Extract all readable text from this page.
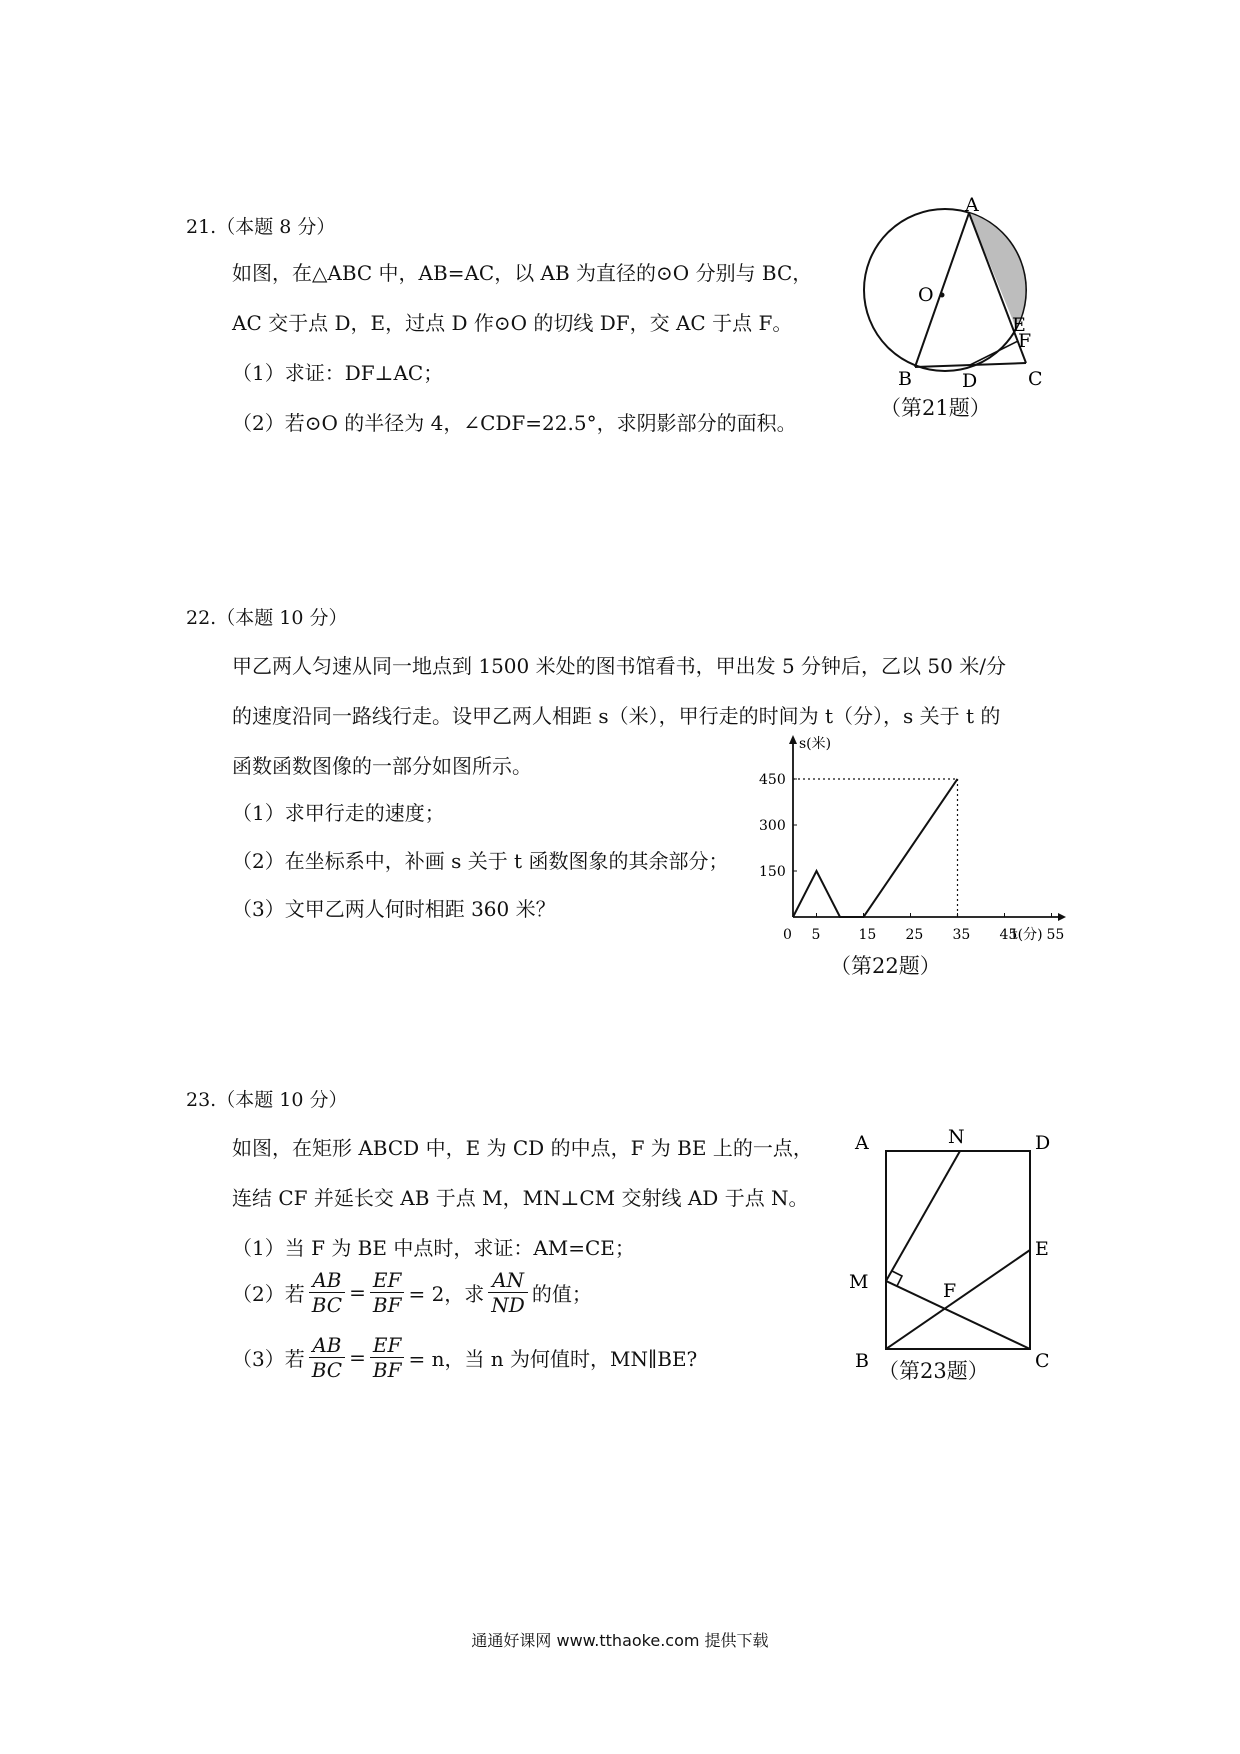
21.（本题 8 分）
如图，在△ABC 中，AB=AC，以 AB 为直径的⊙O 分别与 BC，
AC 交于点 D，E，过点 D 作⊙O 的切线 DF，交 AC 于点 F。
（1）求证：DF⊥AC；
（2）若⊙O 的半径为 4，∠CDF=22.5°，求阴影部分的面积。
A
O
E
F
B	D	C
（第21题）
22.（本题 10 分）
甲乙两人匀速从同一地点到 1500 米处的图书馆看书，甲出发 5 分钟后，乙以 50 米/分
的速度沿同一路线行走。设甲乙两人相距 s（米），甲行走的时间为 t（分），s 关于 t 的
函数函数图像的一部分如图所示。
（1）求甲行走的速度；
（2）在坐标系中，补画 s 关于 t 函数图象的其余部分；
（3）文甲乙两人何时相距 360 米？
s(米)
t(分)
0 5	15 25 35 45 55
150
300
450
（第22题）
23.（本题 10 分）
如图，在矩形 ABCD 中，E 为 CD 的中点，F 为 BE 上的一点，
连结 CF 并延长交 AB 于点 M，MN⊥CM 交射线 AD 于点 N。
（1）当 F 为 BE 中点时，求证：AM=CE；
（2）若 $\frac{AB}{BC} = \frac{EF}{BF} = 2$，求 $\frac{AN}{ND}$ 的值；
（3）若 $\frac{AB}{BC} = \frac{EF}{BF} = n$，当 n 为何值时，MN∥BE?
A	N	D
M
E
F
B	C
（第23题）
通通好课网 www.tthaoke.com 提供下载
